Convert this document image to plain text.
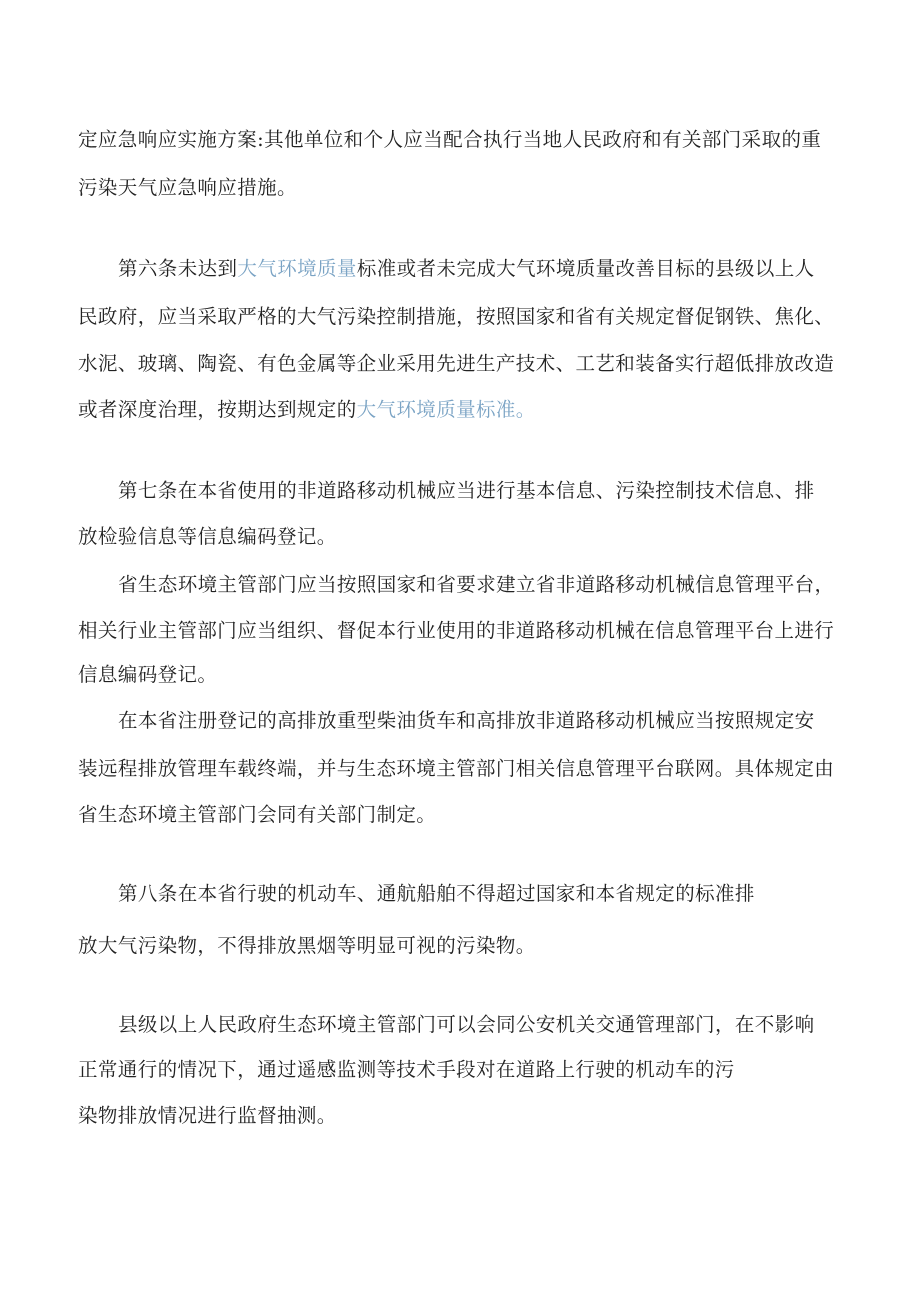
定应急响应实施方案:其他单位和个人应当配合执行当地人民政府和有关部门采取的重
污染天气应急响应措施。
第六条未达到大气环境质量标准或者未完成大气环境质量改善目标的县级以上人
民政府，应当采取严格的大气污染控制措施，按照国家和省有关规定督促钢铁、焦化、
水泥、玻璃、陶瓷、有色金属等企业采用先进生产技术、工艺和装备实行超低排放改造
或者深度治理，按期达到规定的大气环境质量标准。
第七条在本省使用的非道路移动机械应当进行基本信息、污染控制技术信息、排
放检验信息等信息编码登记。
省生态环境主管部门应当按照国家和省要求建立省非道路移动机械信息管理平台，
相关行业主管部门应当组织、督促本行业使用的非道路移动机械在信息管理平台上进行
信息编码登记。
在本省注册登记的高排放重型柴油货车和高排放非道路移动机械应当按照规定安
装远程排放管理车载终端，并与生态环境主管部门相关信息管理平台联网。具体规定由
省生态环境主管部门会同有关部门制定。
第八条在本省行驶的机动车、通航船舶不得超过国家和本省规定的标准排
放大气污染物，不得排放黑烟等明显可视的污染物。
县级以上人民政府生态环境主管部门可以会同公安机关交通管理部门，在不影响
正常通行的情况下，通过遥感监测等技术手段对在道路上行驶的机动车的污
染物排放情况进行监督抽测。
